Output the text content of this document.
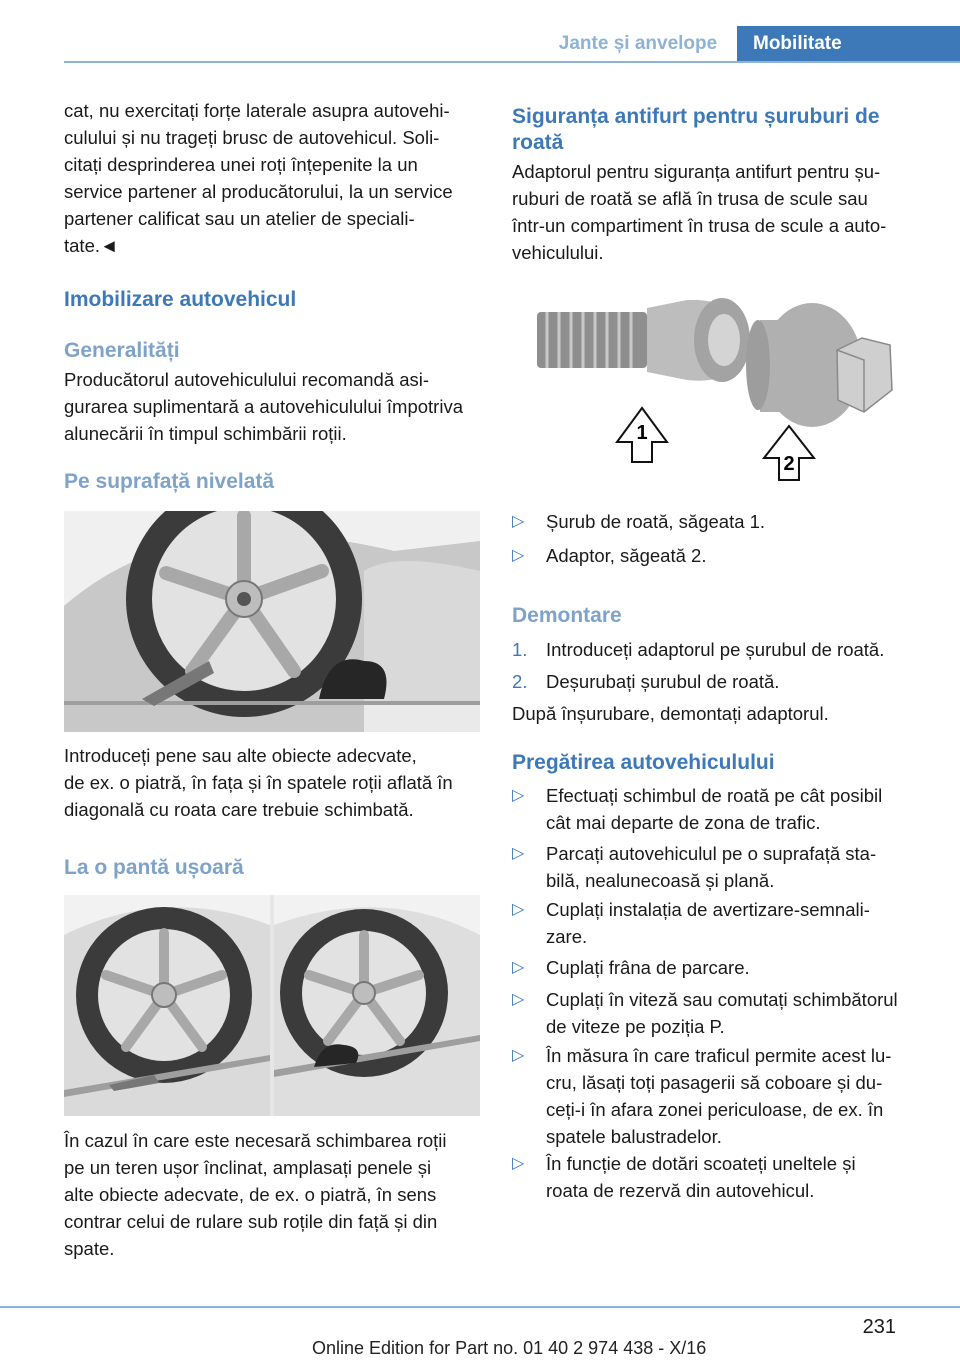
Jante și anvelope	Mobilitate

cat, nu exercitați forțe laterale asupra autovehi-
culului și nu trageți brusc de autovehicul. Soli-
citați desprinderea unei roți înțepenite la un
service partener al producătorului, la un service
partener calificat sau un atelier de speciali-
tate.◄

Imobilizare autovehicul
Generalități

Producătorul autovehiculului recomandă asi-
gurarea suplimentară a autovehiculului împotriva
alunecării în timpul schimbării roții.

Pe suprafață nivelată

Introduceți pene sau alte obiecte adecvate,
de ex. o piatră, în fața și în spatele roții aflată în
diagonală cu roata care trebuie schimbată.

La o pantă ușoară

În cazul în care este necesară schimbarea roții
pe un teren ușor înclinat, amplasați penele și
alte obiecte adecvate, de ex. o piatră, în sens
contrar celui de rulare sub roțile din față și din
spate.

Siguranța antifurt pentru șuruburi de
roată

Adaptorul pentru siguranța antifurt pentru șu-
ruburi de roată se află în trusa de scule sau
într-un compartiment în trusa de scule a auto-
vehiculului.

1
2
▷ Șurub de roată, săgeata 1.
▷ Adaptor, săgeată 2.
Demontare
1. Introduceți adaptorul pe șurubul de roată.
2. Deșurubați șurubul de roată.

După înșurubare, demontați adaptorul.

Pregătirea autovehiculului
▷ Efectuați schimbul de roată pe cât posibil
cât mai departe de zona de trafic.
▷ Parcați autovehiculul pe o suprafață sta-
bilă, nealunecoasă și plană.
▷ Cuplați instalația de avertizare-semnali-
zare.
▷ Cuplați frâna de parcare.
▷ Cuplați în viteză sau comutați schimbătorul
de viteze pe poziția P.
▷ În măsura în care traficul permite acest lu-
cru, lăsați toți pasagerii să coboare și du-
ceți-i în afara zonei periculoase, de ex. în
spatele balustradelor.
▷ În funcție de dotări scoateți uneltele și
roata de rezervă din autovehicul.
231
Online Edition for Part no. 01 40 2 974 438 - X/16
